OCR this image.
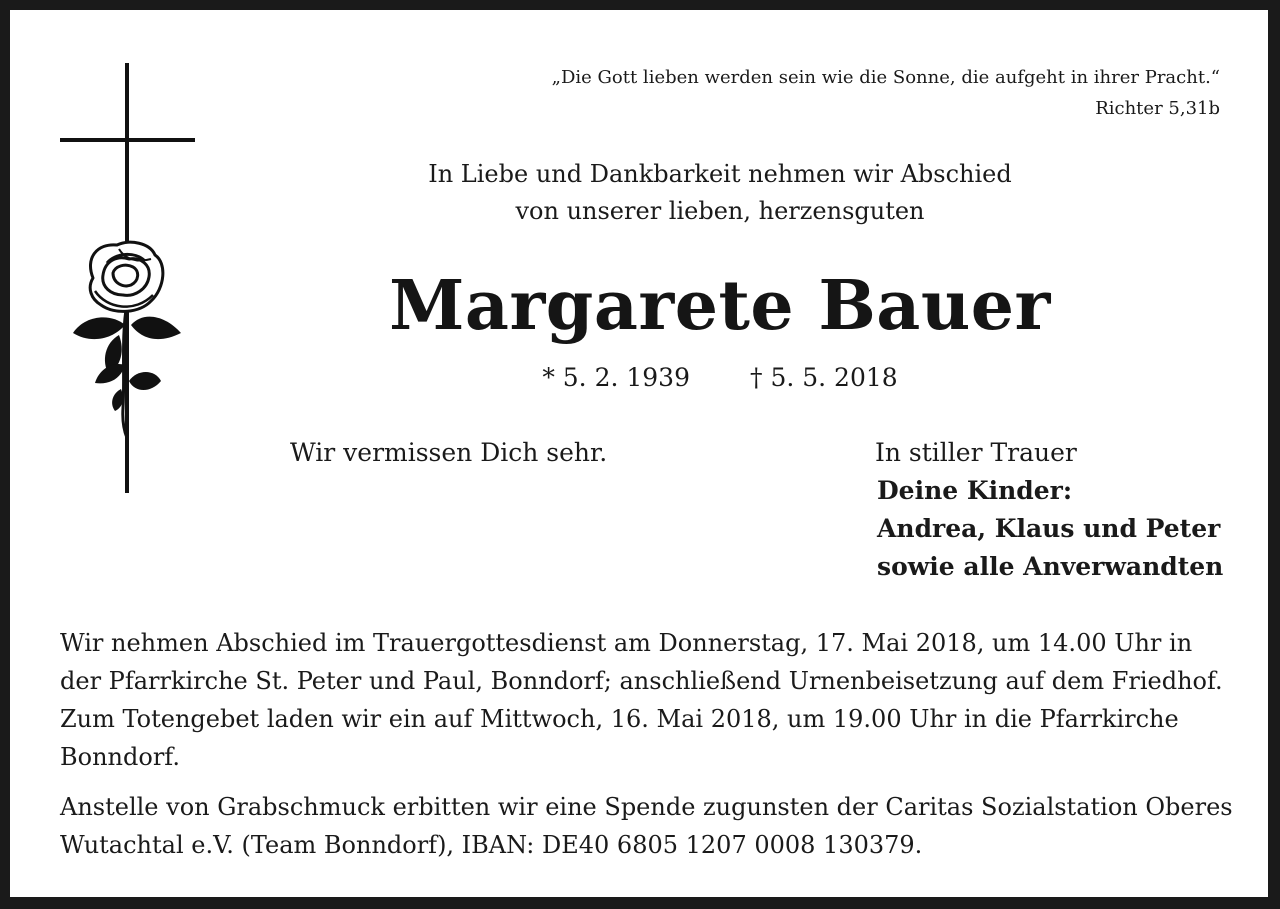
„Die Gott lieben werden sein wie die Sonne, die aufgeht in ihrer Pracht.“
Richter 5,31b
In Liebe und Dankbarkeit nehmen wir Abschied
von unserer lieben, herzensguten
Margarete Bauer
* 5. 2. 1939 † 5. 5. 2018
Wir vermissen Dich sehr.	In stiller Trauer
Deine Kinder:
Andrea, Klaus und Peter
sowie alle Anverwandten
Wir nehmen Abschied im Trauergottesdienst am Donnerstag, 17. Mai 2018, um 14.00 Uhr in
der Pfarrkirche St. Peter und Paul, Bonndorf; anschließend Urnenbeisetzung auf dem Friedhof.
Zum Totengebet laden wir ein auf Mittwoch, 16. Mai 2018, um 19.00 Uhr in die Pfarrkirche
Bonndorf.
Anstelle von Grabschmuck erbitten wir eine Spende zugunsten der Caritas Sozialstation Oberes
Wutachtal e.V. (Team Bonndorf), IBAN: DE40 6805 1207 0008 130379.
